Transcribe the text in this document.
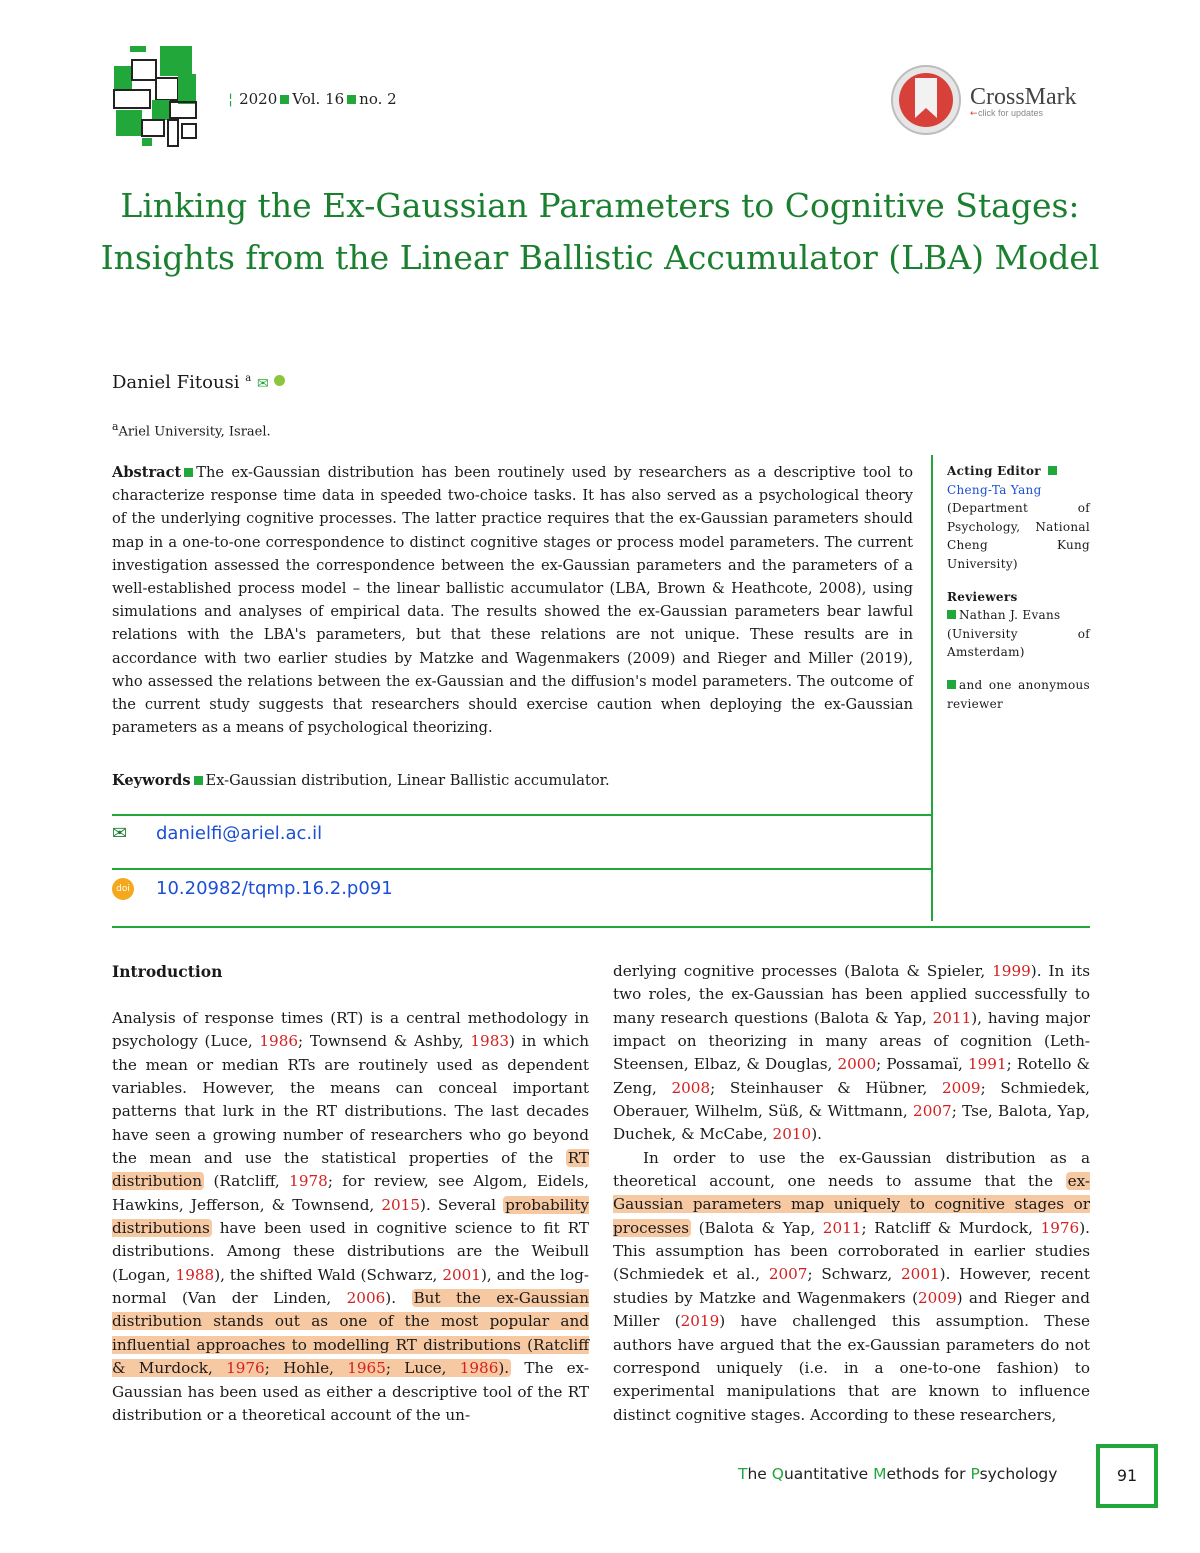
¦ 2020 Vol. 16 no. 2	CrossMark
click for updates
←
Linking the Ex-Gaussian Parameters to Cognitive Stages: Insights from the Linear Ballistic Accumulator (LBA) Model
Daniel Fitousi $^a$ ✉
$^a$Ariel University, Israel.

Abstract The ex-Gaussian distribution has been routinely used by researchers as a descriptive tool to characterize response time data in speeded two-choice tasks. It has also served as a psychological theory of the underlying cognitive processes. The latter practice requires that the ex-Gaussian parameters should map in a one-to-one correspondence to distinct cognitive stages or process model parameters. The current investigation assessed the correspondence between the ex-Gaussian parameters and the parameters of a well-established process model – the linear ballistic accumulator (LBA, Brown & Heathcote, 2008), using simulations and analyses of empirical data. The results showed the ex-Gaussian parameters bear lawful relations with the LBA's parameters, but that these relations are not unique. These results are in accordance with two earlier studies by Matzke and Wagenmakers (2009) and Rieger and Miller (2019), who assessed the relations between the ex-Gaussian and the diffusion's model parameters. The outcome of the current study suggests that researchers should exercise caution when deploying the ex-Gaussian parameters as a means of psychological theorizing.

Keywords Ex-Gaussian distribution, Linear Ballistic accumulator.

Acting Editor
Cheng-Ta Yang
(Department of Psychology, National Cheng Kung University)

Reviewers
Nathan J. Evans
(University of Amsterdam)

and one anonymous reviewer

✉ danielfi@ariel.ac.il
doi 10.20982/tqmp.16.2.p091
Introduction

Analysis of response times (RT) is a central methodology in psychology (Luce, 1986; Townsend & Ashby, 1983) in which the mean or median RTs are routinely used as dependent variables. However, the means can conceal important patterns that lurk in the RT distributions. The last decades have seen a growing number of researchers who go beyond the mean and use the statistical properties of the RT distribution (Ratcliff, 1978; for review, see Algom, Eidels, Hawkins, Jefferson, & Townsend, 2015). Several probability distributions have been used in cognitive science to fit RT distributions. Among these distributions are the Weibull (Logan, 1988), the shifted Wald (Schwarz, 2001), and the log-normal (Van der Linden, 2006). But the ex-Gaussian distribution stands out as one of the most popular and influential approaches to modelling RT distributions (Ratcliff & Murdock, 1976; Hohle, 1965; Luce, 1986). The ex-Gaussian has been used as either a descriptive tool of the RT distribution or a theoretical account of the un-

derlying cognitive processes (Balota & Spieler, 1999). In its two roles, the ex-Gaussian has been applied successfully to many research questions (Balota & Yap, 2011), having major impact on theorizing in many areas of cognition (Leth-Steensen, Elbaz, & Douglas, 2000; Possamaï, 1991; Rotello & Zeng, 2008; Steinhauser & Hübner, 2009; Schmiedek, Oberauer, Wilhelm, Süß, & Wittmann, 2007; Tse, Balota, Yap, Duchek, & McCabe, 2010).

In order to use the ex-Gaussian distribution as a theoretical account, one needs to assume that the ex-Gaussian parameters map uniquely to cognitive stages or processes (Balota & Yap, 2011; Ratcliff & Murdock, 1976). This assumption has been corroborated in earlier studies (Schmiedek et al., 2007; Schwarz, 2001). However, recent studies by Matzke and Wagenmakers (2009) and Rieger and Miller (2019) have challenged this assumption. These authors have argued that the ex-Gaussian parameters do not correspond uniquely (i.e. in a one-to-one fashion) to experimental manipulations that are known to influence distinct cognitive stages. According to these researchers,

The Quantitative Methods for Psychology	91
